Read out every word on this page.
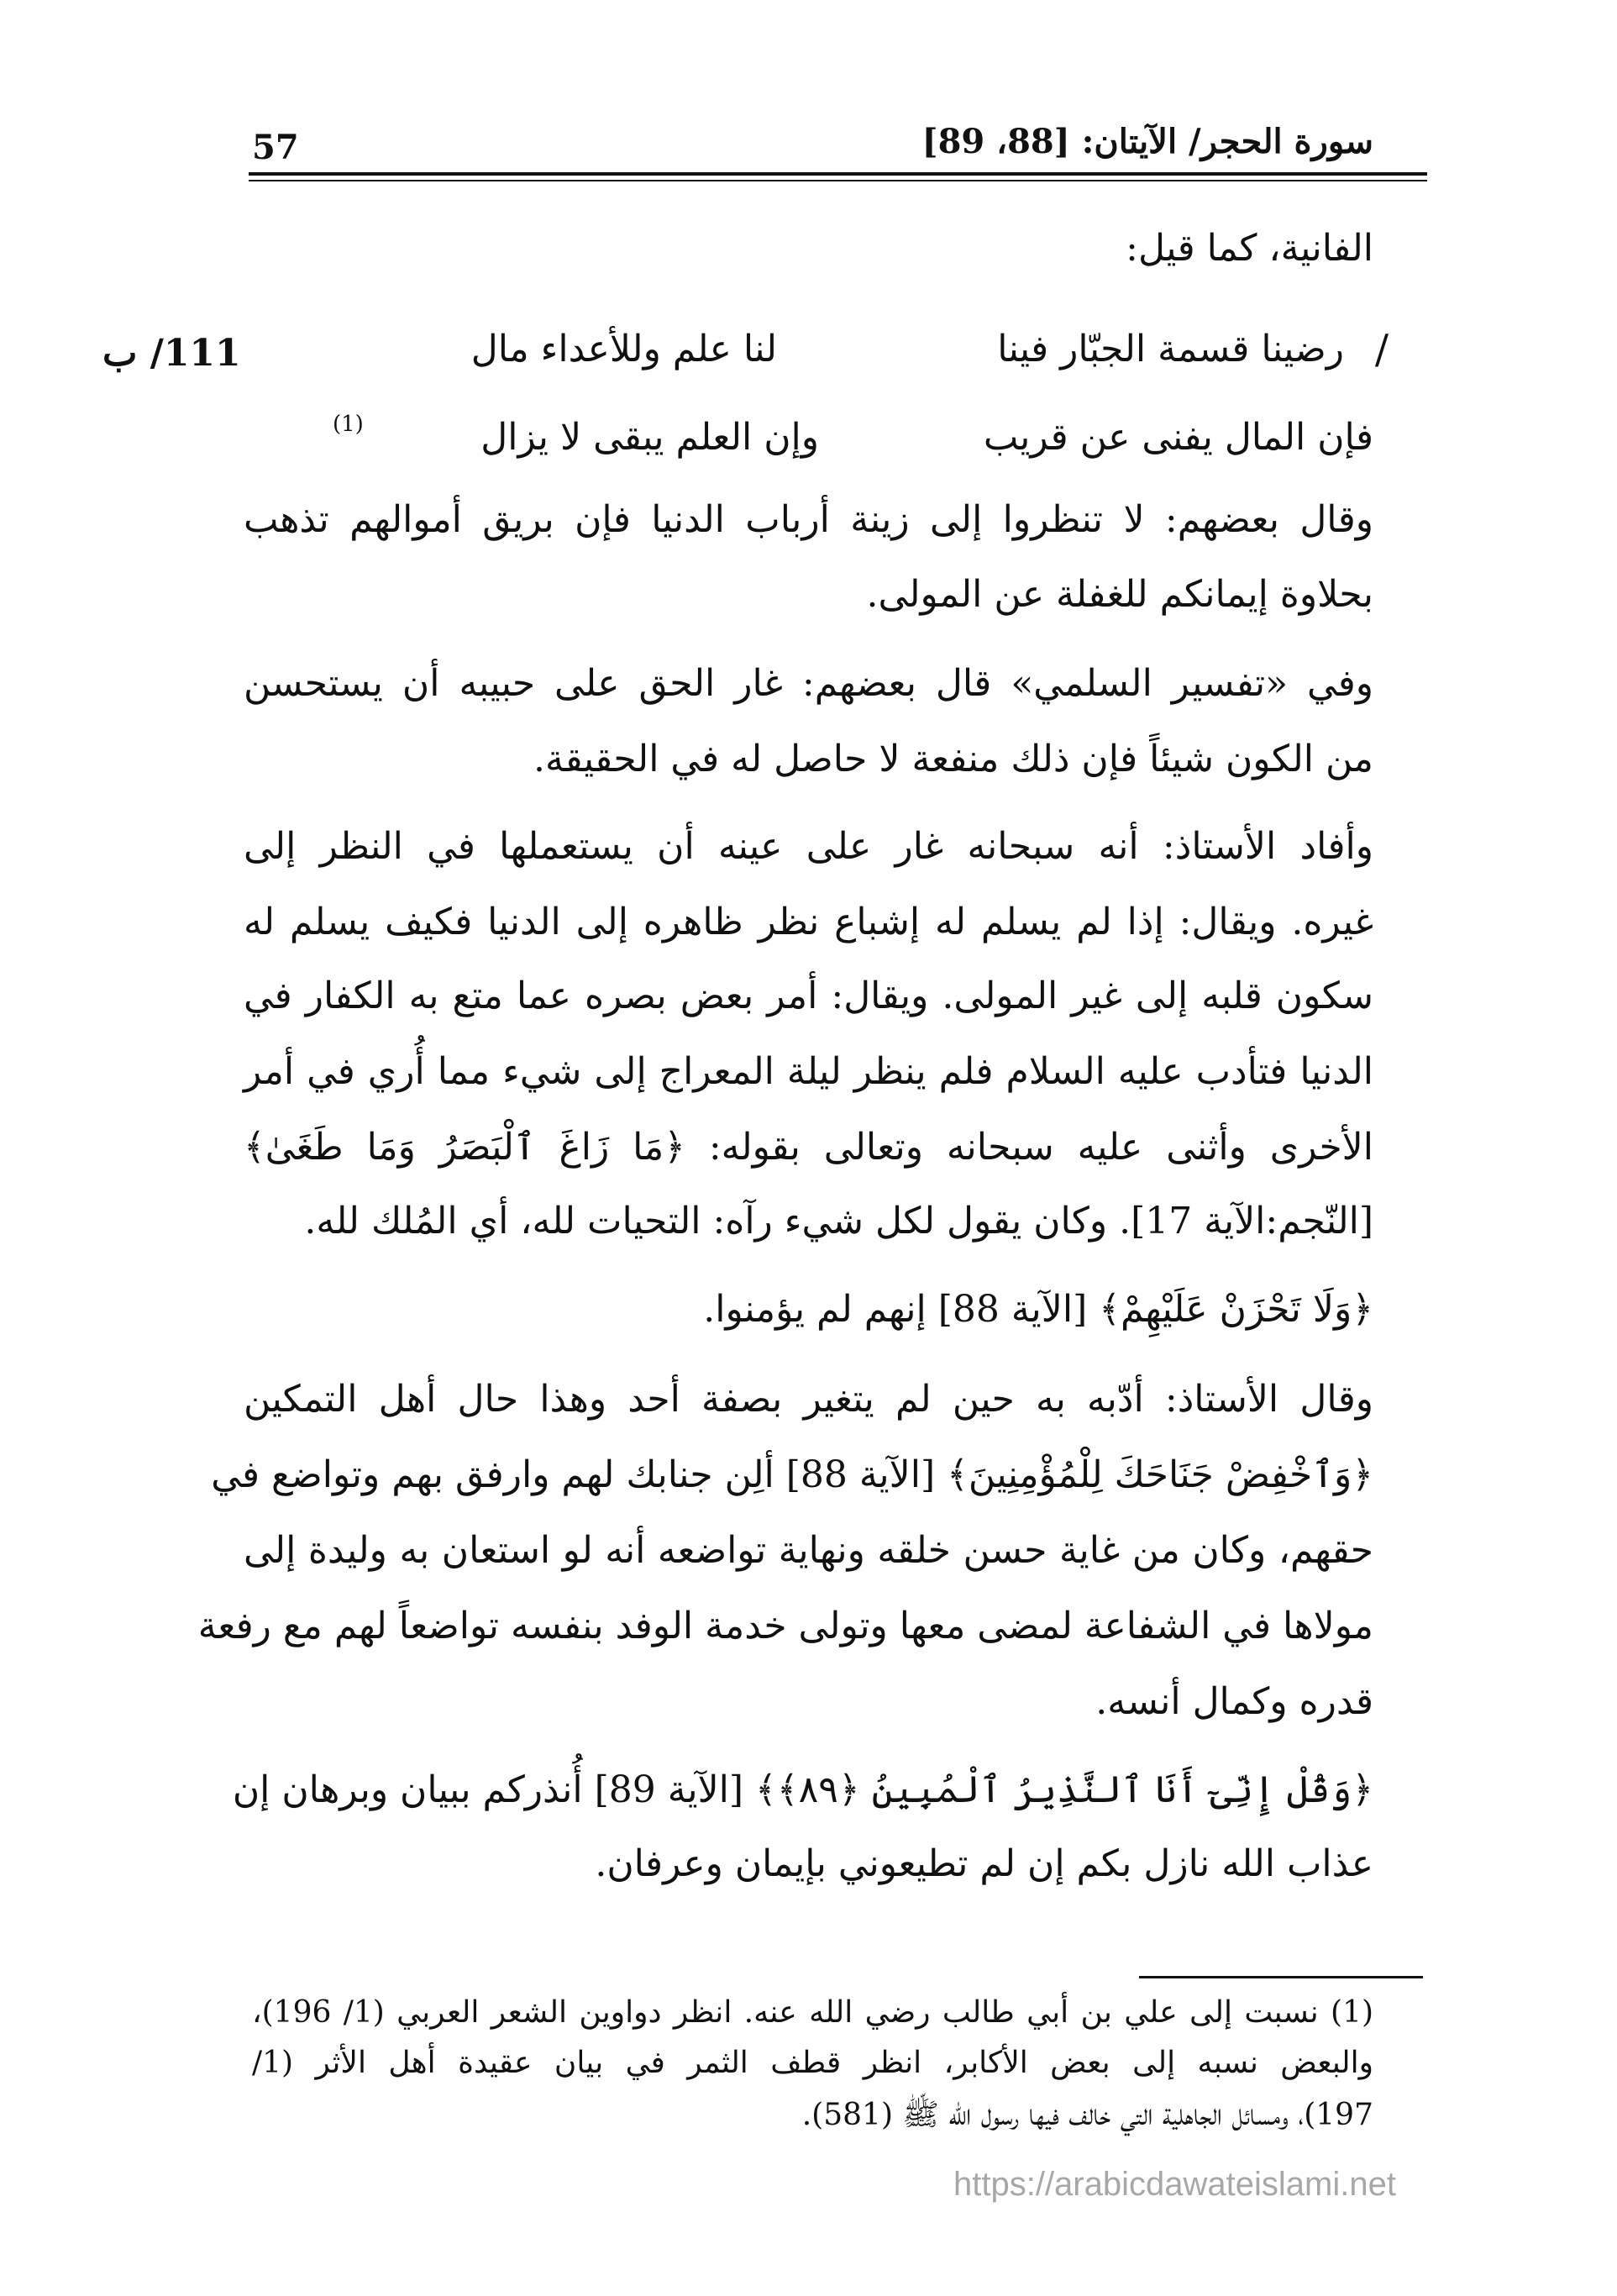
57	سورة الحجر/ الآيتان: [88، 89]
الفانية، كما قيل:
/
111/ ب	رضينا قسمة الجبّار فينا
لنا علم وللأعداء مال
فإن المال يفنى عن قريب
وإن العلم يبقى لا يزال
(1)
وقال بعضهم: لا تنظروا إلى زينة أرباب الدنيا فإن بريق أموالهم تذهب
بحلاوة إيمانكم للغفلة عن المولى.
وفي «تفسير السلمي» قال بعضهم: غار الحق على حبيبه أن يستحسن
من الكون شيئاً فإن ذلك منفعة لا حاصل له في الحقيقة.
وأفاد الأستاذ: أنه سبحانه غار على عينه أن يستعملها في النظر إلى
غيره. ويقال: إذا لم يسلم له إشباع نظر ظاهره إلى الدنيا فكيف يسلم له
سكون قلبه إلى غير المولى. ويقال: أمر بعض بصره عما متع به الكفار في
الدنيا فتأدب عليه السلام فلم ينظر ليلة المعراج إلى شيء مما أُري في أمر
الأخرى وأثنى عليه سبحانه وتعالى بقوله: ﴿مَا زَاغَ ٱلْبَصَرُ وَمَا طَغَىٰ﴾
[النّجم:الآية 17]. وكان يقول لكل شيء رآه: التحيات لله، أي المُلك لله.
﴿وَلَا تَحْزَنْ عَلَيْهِمْ﴾ [الآية 88] إنهم لم يؤمنوا.
وقال الأستاذ: أدّبه به حين لم يتغير بصفة أحد وهذا حال أهل التمكين
﴿وَٱخْفِضْ جَنَاحَكَ لِلْمُؤْمِنِينَ﴾ [الآية 88] ألِن جنابك لهم وارفق بهم وتواضع في
حقهم، وكان من غاية حسن خلقه ونهاية تواضعه أنه لو استعان به وليدة إلى
مولاها في الشفاعة لمضى معها وتولى خدمة الوفد بنفسه تواضعاً لهم مع رفعة
قدره وكمال أنسه.
﴿وَقُلْ إِنِّىٓ أَنَا ٱلنَّذِيرُ ٱلْمُبِينُ ﴿٨٩﴾﴾ [الآية 89] أُنذركم ببيان وبرهان إن
عذاب الله نازل بكم إن لم تطيعوني بإيمان وعرفان.
(1) نسبت إلى علي بن أبي طالب رضي الله عنه. انظر دواوين الشعر العربي (1/ 196)،
والبعض نسبه إلى بعض الأكابر، انظر قطف الثمر في بيان عقيدة أهل الأثر (1/
197)، ومسائل الجاهلية التي خالف فيها رسول الله ﷺ (581).
https://arabicdawateislami.net
